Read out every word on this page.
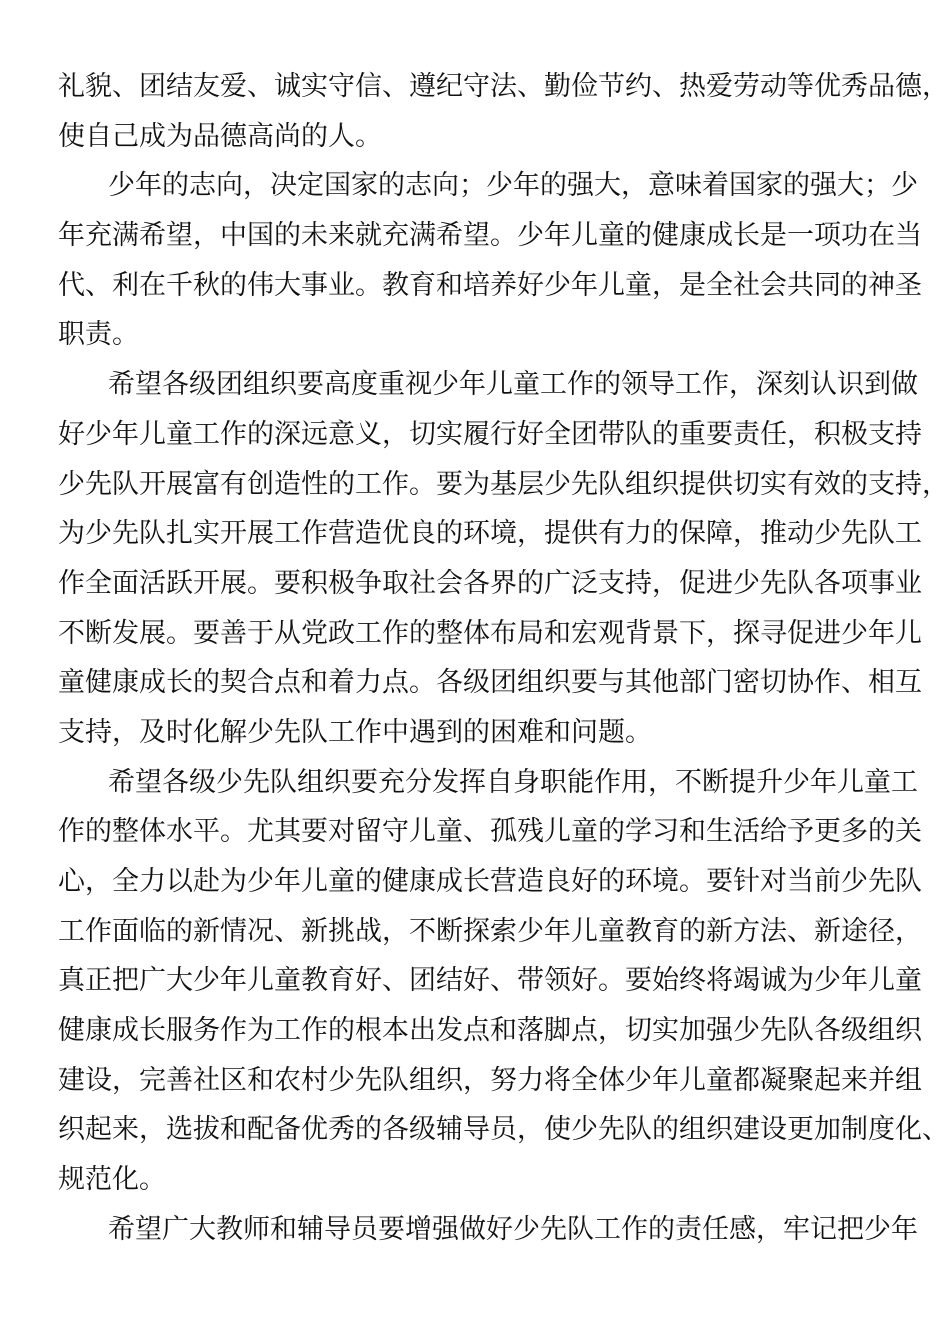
礼貌、团结友爱、诚实守信、遵纪守法、勤俭节约、热爱劳动等优秀品德，
使自己成为品德高尚的人。
少年的志向，决定国家的志向；少年的强大，意味着国家的强大；少
年充满希望，中国的未来就充满希望。少年儿童的健康成长是一项功在当
代、利在千秋的伟大事业。教育和培养好少年儿童，是全社会共同的神圣
职责。
希望各级团组织要高度重视少年儿童工作的领导工作，深刻认识到做
好少年儿童工作的深远意义，切实履行好全团带队的重要责任，积极支持
少先队开展富有创造性的工作。要为基层少先队组织提供切实有效的支持，
为少先队扎实开展工作营造优良的环境，提供有力的保障，推动少先队工
作全面活跃开展。要积极争取社会各界的广泛支持，促进少先队各项事业
不断发展。要善于从党政工作的整体布局和宏观背景下，探寻促进少年儿
童健康成长的契合点和着力点。各级团组织要与其他部门密切协作、相互
支持，及时化解少先队工作中遇到的困难和问题。
希望各级少先队组织要充分发挥自身职能作用，不断提升少年儿童工
作的整体水平。尤其要对留守儿童、孤残儿童的学习和生活给予更多的关
心，全力以赴为少年儿童的健康成长营造良好的环境。要针对当前少先队
工作面临的新情况、新挑战，不断探索少年儿童教育的新方法、新途径，
真正把广大少年儿童教育好、团结好、带领好。要始终将竭诚为少年儿童
健康成长服务作为工作的根本出发点和落脚点，切实加强少先队各级组织
建设，完善社区和农村少先队组织，努力将全体少年儿童都凝聚起来并组
织起来，选拔和配备优秀的各级辅导员，使少先队的组织建设更加制度化、
规范化。
希望广大教师和辅导员要增强做好少先队工作的责任感，牢记把少年
